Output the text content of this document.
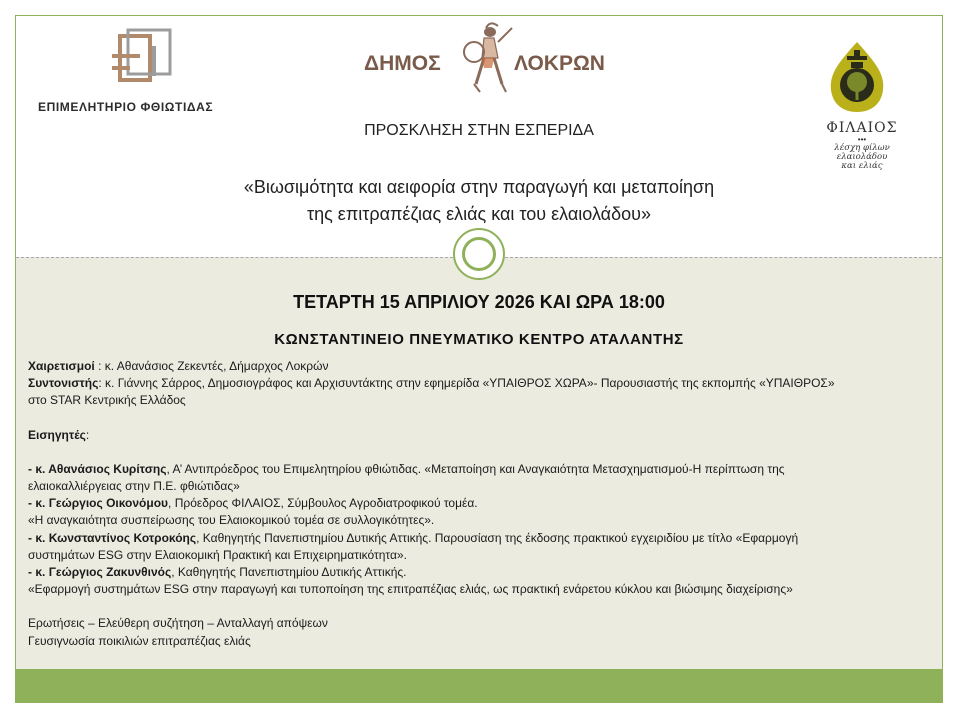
ΕΠΙΜΕΛΗΤΗΡΙΟ ΦΘΙΩΤΙΔΑΣ
ΔΗΜΟΣ	ΛΟΚΡΩΝ
ΦΙΛΑΙΟΣ
•••
λέσχη φίλων
ελαιολάδου
και ελιάς
ΠΡΟΣΚΛΗΣΗ ΣΤΗΝ ΕΣΠΕΡΙΔΑ
«Βιωσιμότητα και αειφορία στην παραγωγή και μεταποίηση
της επιτραπέζιας ελιάς και του ελαιολάδου»
ΤΕΤΑΡΤΗ 15 ΑΠΡΙΛΙΟΥ 2026 ΚΑΙ ΩΡΑ 18:00
ΚΩΝΣΤΑΝΤΙΝΕΙΟ ΠΝΕΥΜΑΤΙΚΟ ΚΕΝΤΡΟ ΑΤΑΛΑΝΤΗΣ

Χαιρετισμοί : κ. Αθανάσιος Ζεκεντές, Δήμαρχος Λοκρών

Συντονιστής: κ. Γιάννης Σάρρος, Δημοσιογράφος και Αρχισυντάκτης στην εφημερίδα «ΥΠΑΙΘΡΟΣ ΧΩΡΑ»- Παρουσιαστής της εκπομπής «ΥΠΑΙΘΡΟΣ»

στο STAR Κεντρικής Ελλάδος

Εισηγητές:

- κ. Αθανάσιος Κυρίτσης, Α’ Αντιπρόεδρος του Επιμελητηρίου φθιώτιδας. «Μεταποίηση και Αναγκαιότητα Μετασχηματισμού-Η περίπτωση της

ελαιοκαλλιέργειας στην Π.Ε. φθιώτιδας»

- κ. Γεώργιος Οικονόμου, Πρόεδρος ΦΙΛΑΙΟΣ, Σύμβουλος Αγροδιατροφικού τομέα.

«Η αναγκαιότητα συσπείρωσης του Ελαιοκομικού τομέα σε συλλογικότητες».

- κ. Κωνσταντίνος Κοτροκόης, Καθηγητής Πανεπιστημίου Δυτικής Αττικής. Παρουσίαση της έκδοσης πρακτικού εγχειριδίου με τίτλο «Εφαρμογή

συστημάτων ESG στην Ελαιοκομική Πρακτική και Επιχειρηματικότητα».

- κ. Γεώργιος Ζακυνθινός, Καθηγητής Πανεπιστημίου Δυτικής Αττικής.

«Εφαρμογή συστημάτων ESG στην παραγωγή και τυποποίηση της επιτραπέζιας ελιάς, ως πρακτική ενάρετου κύκλου και βιώσιμης διαχείρισης»

Ερωτήσεις – Ελεύθερη συζήτηση – Ανταλλαγή απόψεων

Γευσιγνωσία ποικιλιών επιτραπέζιας ελιάς
